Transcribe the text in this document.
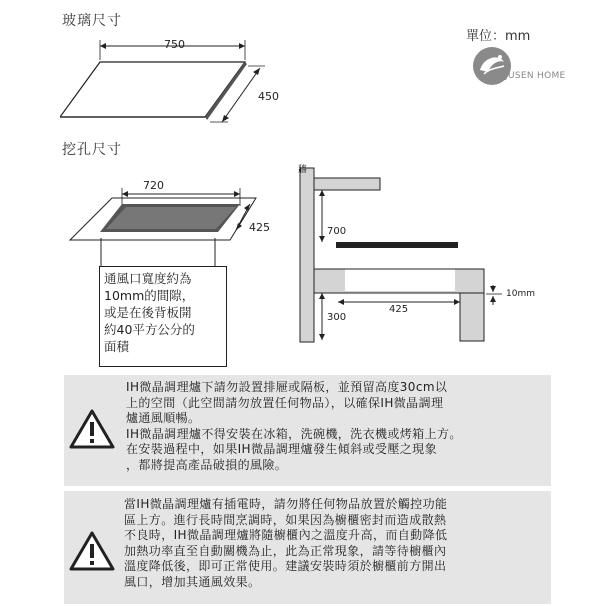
玻璃尺寸
750
450
單位：mm
JUSEN HOME
挖孔尺寸
720
425
通風口寬度約為
10mm的間隙，
或是在後背板開
約40平方公分的
面積
牆
700
300
425
10mm
IH微晶調理爐下請勿設置排屜或隔板，並預留高度30cm以
上的空間（此空間請勿放置任何物品），以確保IH微晶調理
爐通風順暢。
IH微晶調理爐不得安裝在冰箱，洗碗機，洗衣機或烤箱上方。
在安裝過程中，如果IH微晶調理爐發生傾斜或受壓之現象
，都將提高產品破損的風險。
當IH微晶調理爐有插電時，請勿將任何物品放置於觸控功能
區上方。進行長時間烹調時，如果因為櫥櫃密封而造成散熱
不良時，IH微晶調理爐將隨櫥櫃內之溫度升高，而自動降低
加熱功率直至自動關機為止，此為正常現象，請等待櫥櫃內
溫度降低後，即可正常使用。建議安裝時須於櫥櫃前方開出
風口，增加其通風效果。
